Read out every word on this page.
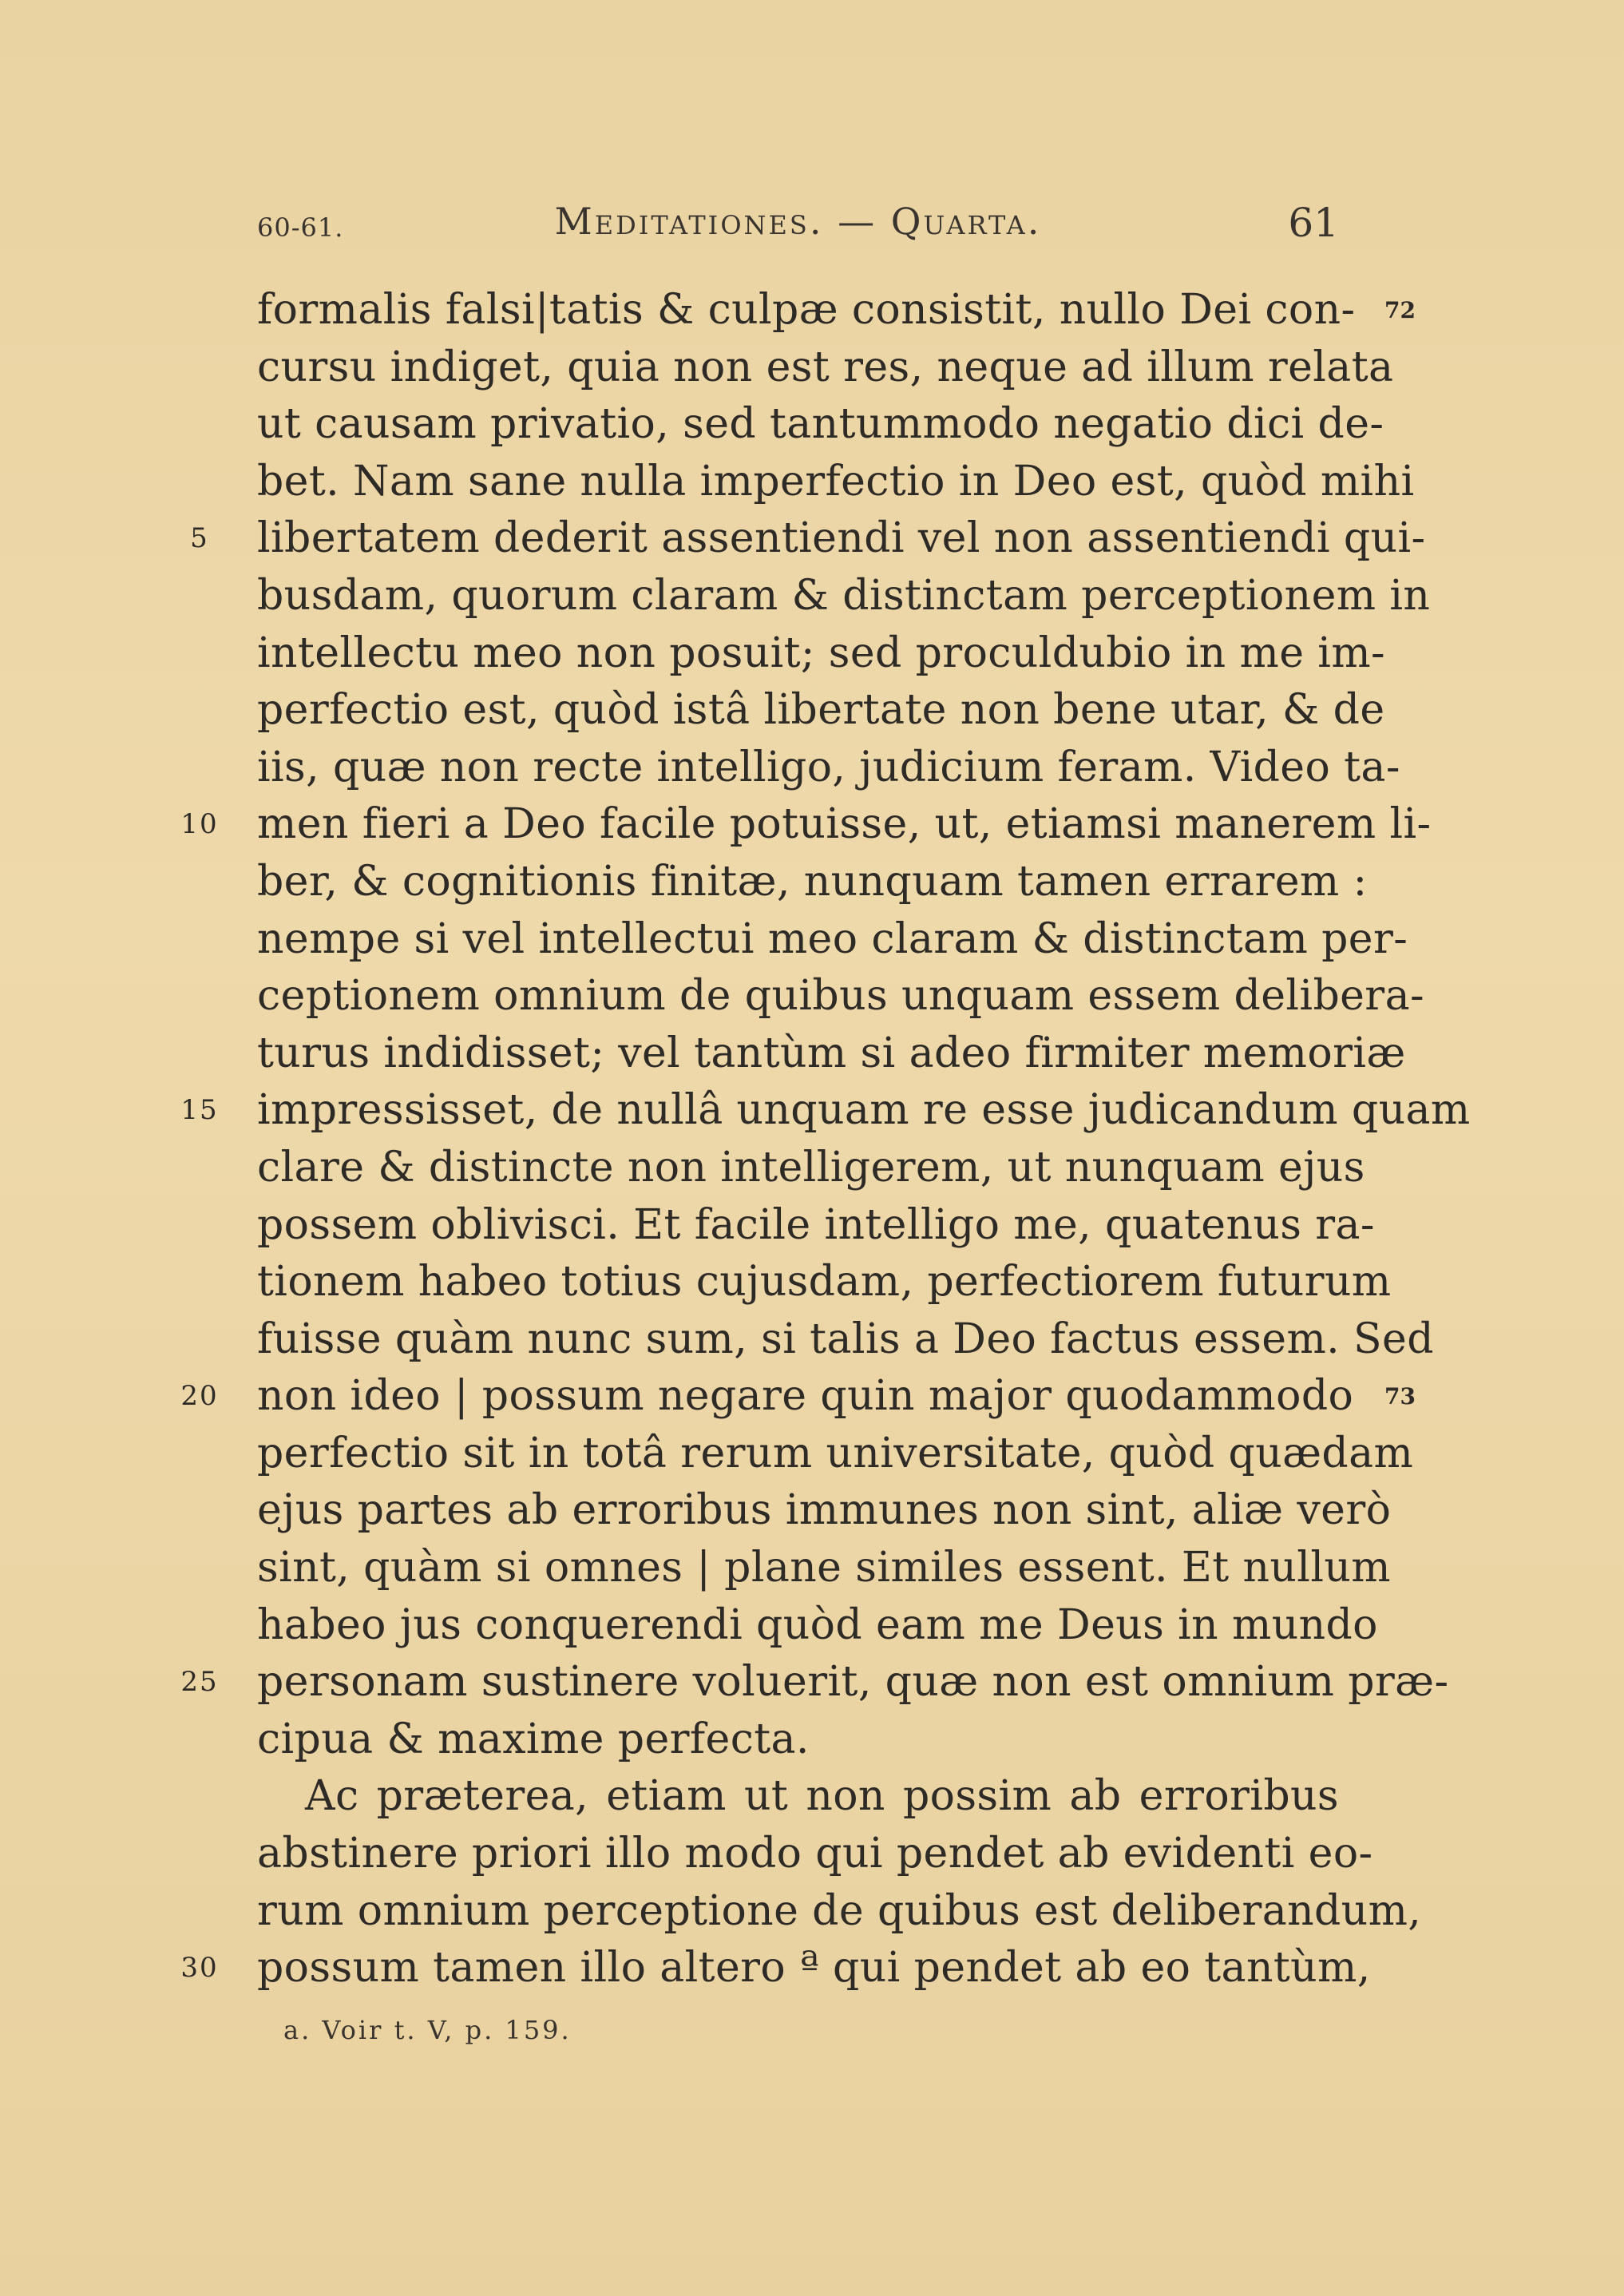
60-61.	Meditationes. — Quarta.	61
formalis falsi|tatis & culpæ consistit, nullo Dei con- 72
cursu indiget, quia non est res, neque ad illum relata
ut causam privatio, sed tantummodo negatio dici de-
bet. Nam sane nulla imperfectio in Deo est, quòd mihi
libertatem dederit assentiendi vel non assentiendi qui-
5
busdam, quorum claram & distinctam perceptionem in
intellectu meo non posuit; sed proculdubio in me im-
perfectio est, quòd istâ libertate non bene utar, & de
iis, quæ non recte intelligo, judicium feram. Video ta-
men fieri a Deo facile potuisse, ut, etiamsi manerem li-
10
ber, & cognitionis finitæ, nunquam tamen errarem :
nempe si vel intellectui meo claram & distinctam per-
ceptionem omnium de quibus unquam essem delibera-
turus indidisset; vel tantùm si adeo firmiter memoriæ
impressisset, de nullâ unquam re esse judicandum quam
15
clare & distincte non intelligerem, ut nunquam ejus
possem oblivisci. Et facile intelligo me, quatenus ra-
tionem habeo totius cujusdam, perfectiorem futurum
fuisse quàm nunc sum, si talis a Deo factus essem. Sed
non ideo | possum negare quin major quodammodo
20	73
perfectio sit in totâ rerum universitate, quòd quædam
ejus partes ab erroribus immunes non sint, aliæ verò
sint, quàm si omnes | plane similes essent. Et nullum
habeo jus conquerendi quòd eam me Deus in mundo
personam sustinere voluerit, quæ non est omnium præ-
25
cipua & maxime perfecta.
Ac præterea, etiam ut non possim ab erroribus
abstinere priori illo modo qui pendet ab evidenti eo-
rum omnium perceptione de quibus est deliberandum,
possum tamen illo altero ª qui pendet ab eo tantùm,
30
a. Voir t. V, p. 159.
